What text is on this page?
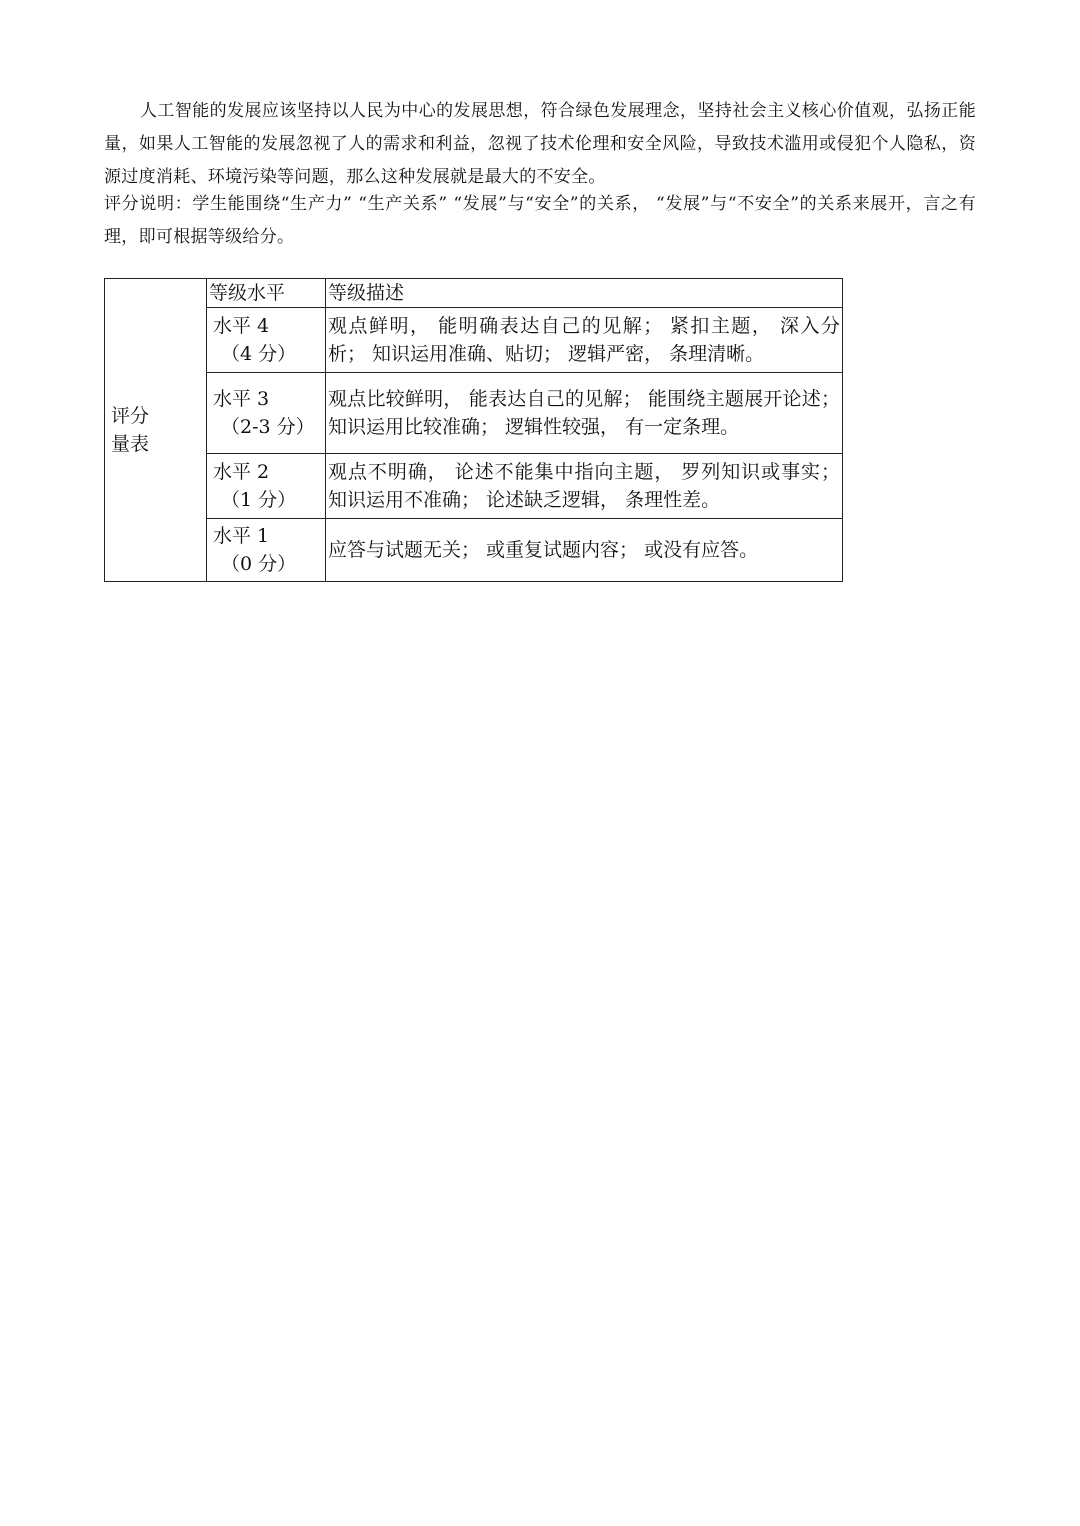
人工智能的发展应该坚持以人民为中心的发展思想，符合绿色发展理念，坚持社会主义核心价值观，弘扬正能量，如果人工智能的发展忽视了人的需求和利益，忽视了技术伦理和安全风险，导致技术滥用或侵犯个人隐私，资源过度消耗、环境污染等问题，那么这种发展就是最大的不安全。

评分说明：学生能围绕“生产力” “生产关系” “发展”与“安全”的关系， “发展”与“不安全”的关系来展开，言之有理，即可根据等级给分。

评分
量表	等级水平	等级描述

	水平 4
（4 分）	观点鲜明， 能明确表达自己的见解； 紧扣主题， 深入分析； 知识运用准确、贴切； 逻辑严密， 条理清晰。

	水平 3
（2-3 分）	观点比较鲜明， 能表达自己的见解； 能围绕主题展开论述； 知识运用比较准确； 逻辑性较强， 有一定条理。

	水平 2
（1 分）	观点不明确， 论述不能集中指向主题， 罗列知识或事实； 知识运用不准确； 论述缺乏逻辑， 条理性差。

	水平 1
（0 分）	应答与试题无关； 或重复试题内容； 或没有应答。
